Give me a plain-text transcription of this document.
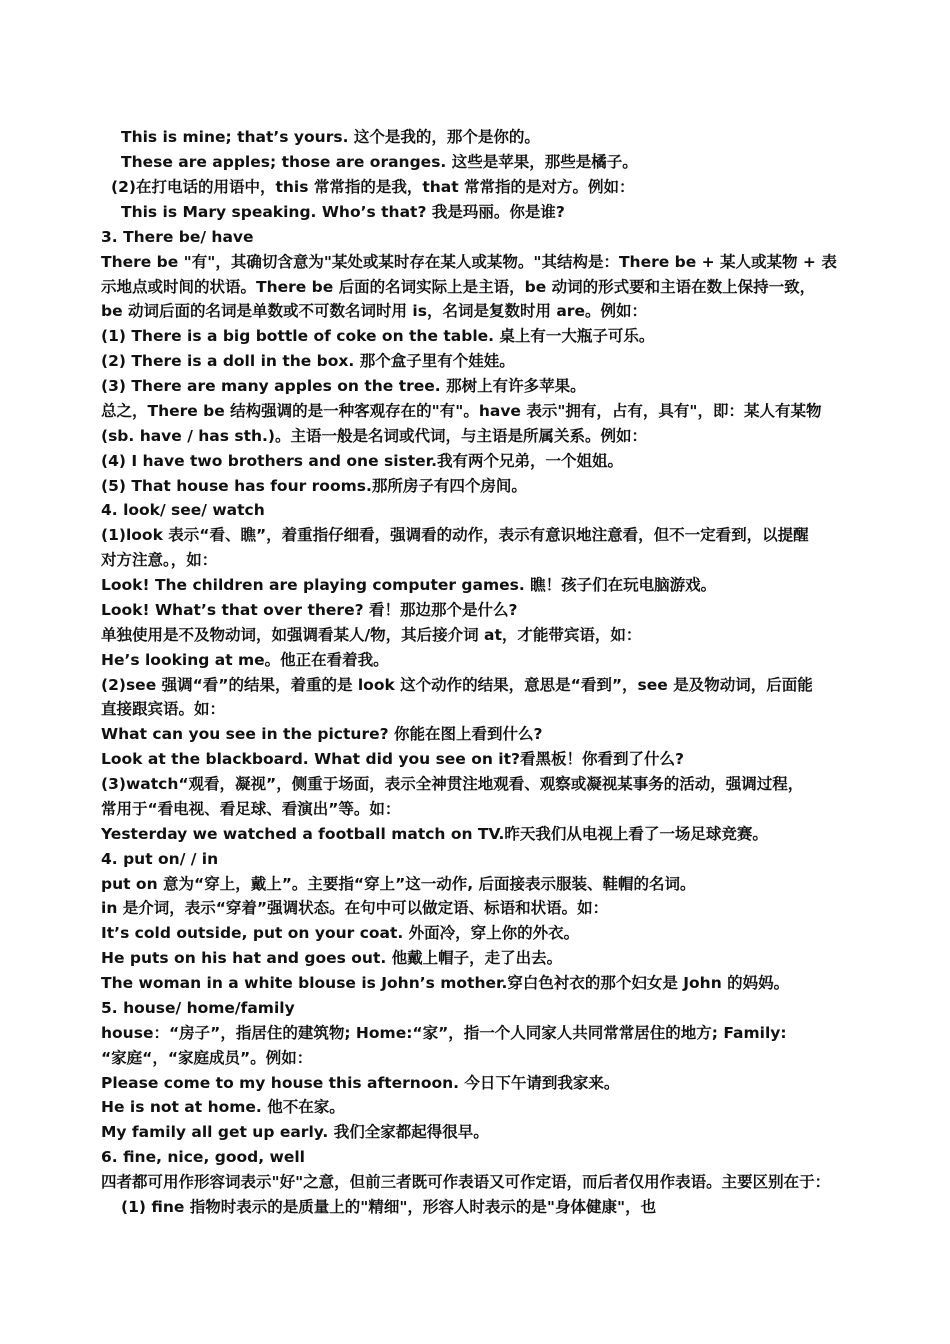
This is mine; that’s yours. 这个是我的，那个是你的。
These are apples; those are oranges. 这些是苹果，那些是橘子。
(2)在打电话的用语中，this 常常指的是我，that 常常指的是对方。例如：
This is Mary speaking. Who’s that? 我是玛丽。你是谁?
3. There be/ have
There be "有"，其确切含意为"某处或某时存在某人或某物。"其结构是：There be + 某人或某物 + 表
示地点或时间的状语。There be 后面的名词实际上是主语，be 动词的形式要和主语在数上保持一致，
be 动词后面的名词是单数或不可数名词时用 is，名词是复数时用 are。例如：
(1) There is a big bottle of coke on the table. 桌上有一大瓶子可乐。
(2) There is a doll in the box. 那个盒子里有个娃娃。
(3) There are many apples on the tree. 那树上有许多苹果。
总之，There be 结构强调的是一种客观存在的"有"。have 表示"拥有，占有，具有"，即：某人有某物
(sb. have / has sth.)。主语一般是名词或代词，与主语是所属关系。例如：
(4) I have two brothers and one sister.我有两个兄弟，一个姐姐。
(5) That house has four rooms.那所房子有四个房间。
4. look/ see/ watch
(1)look 表示“看、瞧”，着重指仔细看，强调看的动作，表示有意识地注意看，但不一定看到，以提醒
对方注意。，如：
Look! The children are playing computer games. 瞧！孩子们在玩电脑游戏。
Look! What’s that over there? 看！那边那个是什么?
单独使用是不及物动词，如强调看某人/物，其后接介词 at，才能带宾语，如：
He’s looking at me。他正在看着我。
(2)see 强调“看”的结果，着重的是 look 这个动作的结果，意思是“看到”，see 是及物动词，后面能
直接跟宾语。如：
What can you see in the picture? 你能在图上看到什么?
Look at the blackboard. What did you see on it?看黑板！你看到了什么?
(3)watch“观看，凝视”，侧重于场面，表示全神贯注地观看、观察或凝视某事务的活动，强调过程，
常用于“看电视、看足球、看演出”等。如：
Yesterday we watched a football match on TV.昨天我们从电视上看了一场足球竞赛。
4. put on/ / in
put on 意为“穿上，戴上”。主要指“穿上”这一动作, 后面接表示服装、鞋帽的名词。
in 是介词，表示“穿着”强调状态。在句中可以做定语、标语和状语。如：
It’s cold outside, put on your coat. 外面冷，穿上你的外衣。
He puts on his hat and goes out. 他戴上帽子，走了出去。
The woman in a white blouse is John’s mother.穿白色衬衣的那个妇女是 John 的妈妈。
5. house/ home/family
house：“房子”，指居住的建筑物; Home:“家”，指一个人同家人共同常常居住的地方; Family:
“家庭“，“家庭成员”。例如：
Please come to my house this afternoon. 今日下午请到我家来。
He is not at home. 他不在家。
My family all get up early. 我们全家都起得很早。
6. fine, nice, good, well
四者都可用作形容词表示"好"之意，但前三者既可作表语又可作定语，而后者仅用作表语。主要区别在于：
(1) fine 指物时表示的是质量上的"精细"，形容人时表示的是"身体健康"，也
